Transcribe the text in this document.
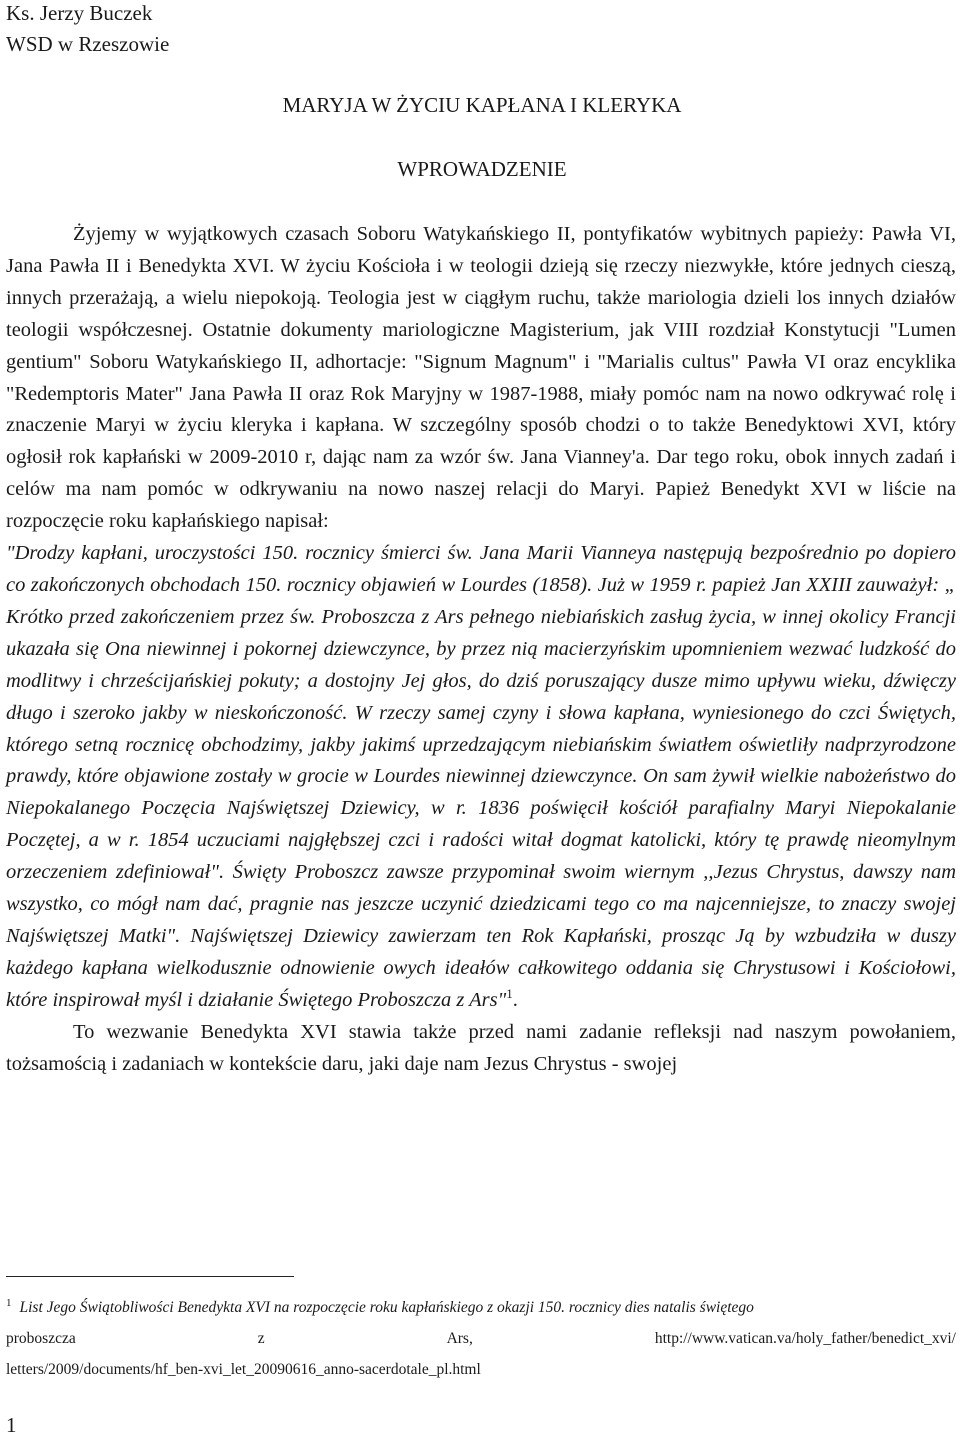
Ks. Jerzy Buczek
WSD w Rzeszowie
MARYJA W ŻYCIU KAPŁANA I KLERYKA
WPROWADZENIE

Żyjemy w wyjątkowych czasach Soboru Watykańskiego II, pontyfikatów wybitnych papieży: Pawła VI, Jana Pawła II i Benedykta XVI. W życiu Kościoła i w teologii dzieją się rzeczy niezwykłe, które jednych cieszą, innych przerażają, a wielu niepokoją. Teologia jest w ciągłym ruchu, także mariologia dzieli los innych działów teologii współczesnej. Ostatnie dokumenty mariologiczne Magisterium, jak VIII rozdział Konstytucji "Lumen gentium" Soboru Watykańskiego II, adhortacje: "Signum Magnum" i "Marialis cultus" Pawła VI oraz encyklika "Redemptoris Mater" Jana Pawła II oraz Rok Maryjny w 1987-1988, miały pomóc nam na nowo odkrywać rolę i znaczenie Maryi w życiu kleryka i kapłana. W szczególny sposób chodzi o to także Benedyktowi XVI, który ogłosił rok kapłański w 2009-2010 r, dając nam za wzór św. Jana Vianney'a. Dar tego roku, obok innych zadań i celów ma nam pomóc w odkrywaniu na nowo naszej relacji do Maryi. Papież Benedykt XVI w liście na rozpoczęcie roku kapłańskiego napisał:
"Drodzy kapłani, uroczystości 150. rocznicy śmierci św. Jana Marii Vianneya następują bezpośrednio po dopiero co zakończonych obchodach 150. rocznicy objawień w Lourdes (1858). Już w 1959 r. papież Jan XXIII zauważył: „ Krótko przed zakończeniem przez św. Proboszcza z Ars pełnego niebiańskich zasług życia, w innej okolicy Francji ukazała się Ona niewinnej i pokornej dziewczynce, by przez nią macierzyńskim upomnieniem wezwać ludzkość do modlitwy i chrześcijańskiej pokuty; a dostojny Jej głos, do dziś poruszający dusze mimo upływu wieku, dźwięczy długo i szeroko jakby w nieskończoność. W rzeczy samej czyny i słowa kapłana, wyniesionego do czci Świętych, którego setną rocznicę obchodzimy, jakby jakimś uprzedzającym niebiańskim światłem oświetliły nadprzyrodzone prawdy, które objawione zostały w grocie w Lourdes niewinnej dziewczynce. On sam żywił wielkie nabożeństwo do Niepokalanego Poczęcia Najświętszej Dziewicy, w r. 1836 poświęcił kościół parafialny Maryi Niepokalanie Poczętej, a w r. 1854 uczuciami najgłębszej czci i radości witał dogmat katolicki, który tę prawdę nieomylnym orzeczeniem zdefiniował". Święty Proboszcz zawsze przypominał swoim wiernym ,,Jezus Chrystus, dawszy nam wszystko, co mógł nam dać, pragnie nas jeszcze uczynić dziedzicami tego co ma najcenniejsze, to znaczy swojej Najświętszej Matki". Najświętszej Dziewicy zawierzam ten Rok Kapłański, prosząc Ją by wzbudziła w duszy każdego kapłana wielkodusznie odnowienie owych ideałów całkowitego oddania się Chrystusowi i Kościołowi, które inspirował myśl i działanie Świętego Proboszcza z Ars"$^1$.

To wezwanie Benedykta XVI stawia także przed nami zadanie refleksji nad naszym powołaniem, tożsamością i zadaniach w kontekście daru, jaki daje nam Jezus Chrystus - swojej

$^1$ List Jego Świątobliwości Benedykta XVI na rozpoczęcie roku kapłańskiego z okazji 150. rocznicy dies natalis świętego
proboszcza	z	Ars,	http://www.vatican.va/holy_father/benedict_xvi/
letters/2009/documents/hf_ben-xvi_let_20090616_anno-sacerdotale_pl.html
1
